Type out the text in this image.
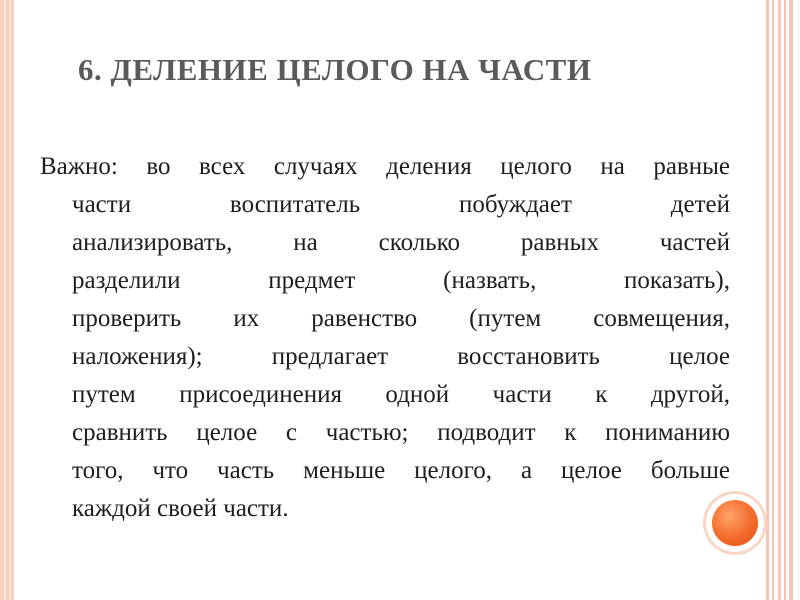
6. ДЕЛЕНИЕ ЦЕЛОГО НА ЧАСТИ
Важно: во всех случаях деления целого на равные
части воспитатель побуждает детей
анализировать, на сколько равных частей
разделили предмет (назвать, показать),
проверить их равенство (путем совмещения,
наложения); предлагает восстановить целое
путем присоединения одной части к другой,
сравнить целое с частью; подводит к пониманию
того, что часть меньше целого, а целое больше
каждой своей части.
